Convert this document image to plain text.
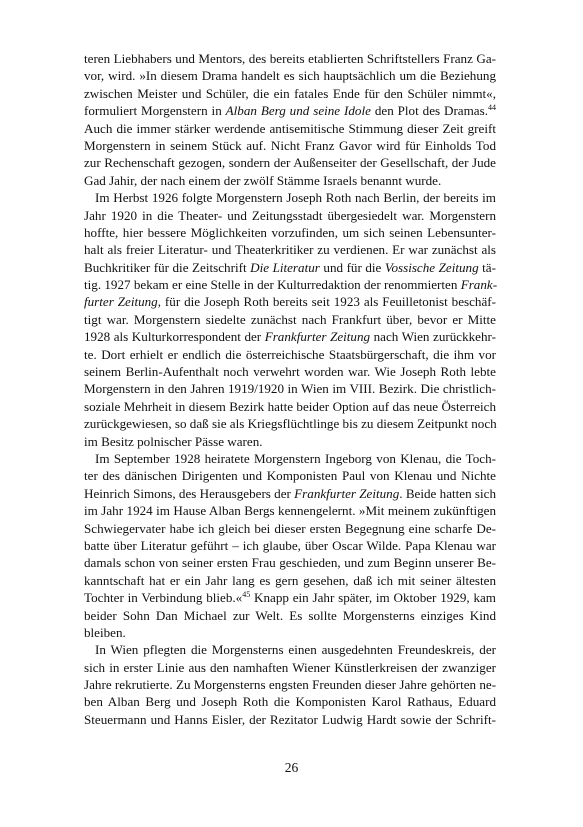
teren Liebhabers und Mentors, des bereits etablierten Schriftstellers Franz Ga-
vor, wird. »In diesem Drama handelt es sich hauptsächlich um die Beziehung
zwischen Meister und Schüler, die ein fatales Ende für den Schüler nimmt«,
formuliert Morgenstern in Alban Berg und seine Idole den Plot des Dramas.$^{44}$
Auch die immer stärker werdende antisemitische Stimmung dieser Zeit greift
Morgenstern in seinem Stück auf. Nicht Franz Gavor wird für Einholds Tod
zur Rechenschaft gezogen, sondern der Außenseiter der Gesellschaft, der Jude
Gad Jahir, der nach einem der zwölf Stämme Israels benannt wurde.
Im Herbst 1926 folgte Morgenstern Joseph Roth nach Berlin, der bereits im
Jahr 1920 in die Theater- und Zeitungsstadt übergesiedelt war. Morgenstern
hoffte, hier bessere Möglichkeiten vorzufinden, um sich seinen Lebensunter-
halt als freier Literatur- und Theaterkritiker zu verdienen. Er war zunächst als
Buchkritiker für die Zeitschrift Die Literatur und für die Vossische Zeitung tä-
tig. 1927 bekam er eine Stelle in der Kulturredaktion der renommierten Frank-
furter Zeitung, für die Joseph Roth bereits seit 1923 als Feuilletonist beschäf-
tigt war. Morgenstern siedelte zunächst nach Frankfurt über, bevor er Mitte
1928 als Kulturkorrespondent der Frankfurter Zeitung nach Wien zurückkehr-
te. Dort erhielt er endlich die österreichische Staatsbürgerschaft, die ihm vor
seinem Berlin-Aufenthalt noch verwehrt worden war. Wie Joseph Roth lebte
Morgenstern in den Jahren 1919/1920 in Wien im VIII. Bezirk. Die christlich-
soziale Mehrheit in diesem Bezirk hatte beider Option auf das neue Österreich
zurückgewiesen, so daß sie als Kriegsflüchtlinge bis zu diesem Zeitpunkt noch
im Besitz polnischer Pässe waren.
Im September 1928 heiratete Morgenstern Ingeborg von Klenau, die Toch-
ter des dänischen Dirigenten und Komponisten Paul von Klenau und Nichte
Heinrich Simons, des Herausgebers der Frankfurter Zeitung. Beide hatten sich
im Jahr 1924 im Hause Alban Bergs kennengelernt. »Mit meinem zukünftigen
Schwiegervater habe ich gleich bei dieser ersten Begegnung eine scharfe De-
batte über Literatur geführt – ich glaube, über Oscar Wilde. Papa Klenau war
damals schon von seiner ersten Frau geschieden, und zum Beginn unserer Be-
kanntschaft hat er ein Jahr lang es gern gesehen, daß ich mit seiner ältesten
Tochter in Verbindung blieb.«$^{45}$ Knapp ein Jahr später, im Oktober 1929, kam
beider Sohn Dan Michael zur Welt. Es sollte Morgensterns einziges Kind
bleiben.
In Wien pflegten die Morgensterns einen ausgedehnten Freundeskreis, der
sich in erster Linie aus den namhaften Wiener Künstlerkreisen der zwanziger
Jahre rekrutierte. Zu Morgensterns engsten Freunden dieser Jahre gehörten ne-
ben Alban Berg und Joseph Roth die Komponisten Karol Rathaus, Eduard
Steuermann und Hanns Eisler, der Rezitator Ludwig Hardt sowie der Schrift-
26
